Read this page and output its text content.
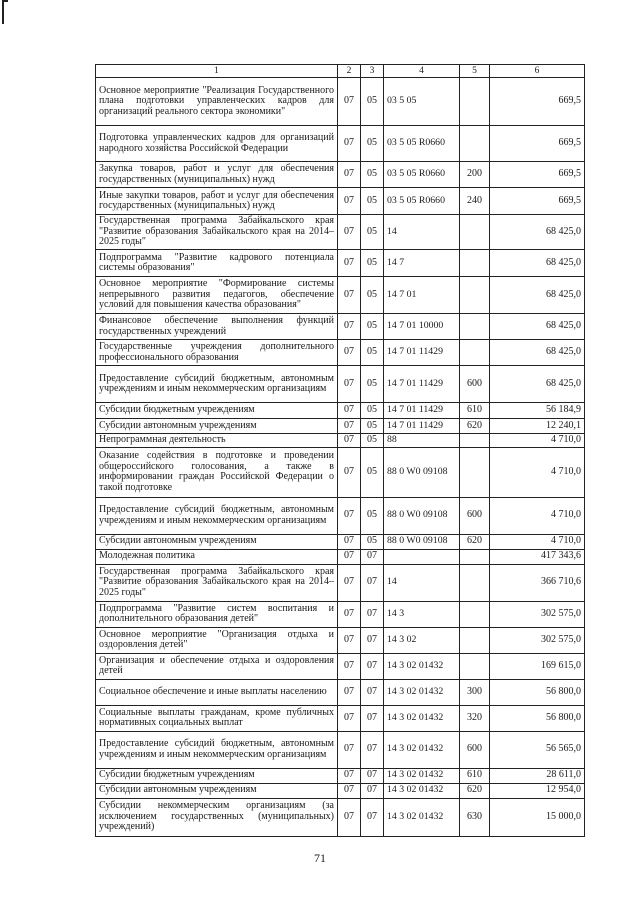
1	2	3	4	5	6
Основное мероприятие "Реализация Государственного плана подготовки управленческих кадров для организаций реального сектора экономики"	07	05	03 5 05		669,5
Подготовка управленческих кадров для организаций народного хозяйства Российской Федерации	07	05	03 5 05 R0660		669,5
Закупка товаров, работ и услуг для обеспечения государственных (муниципальных) нужд	07	05	03 5 05 R0660	200	669,5
Иные закупки товаров, работ и услуг для обеспечения государственных (муниципальных) нужд	07	05	03 5 05 R0660	240	669,5
Государственная программа Забайкальского края "Развитие образования Забайкальского края на 2014–2025 годы"	07	05	14		68 425,0
Подпрограмма "Развитие кадрового потенциала системы образования"	07	05	14 7		68 425,0
Основное мероприятие "Формирование системы непрерывного развития педагогов, обеспечение условий для повышения качества образования"	07	05	14 7 01		68 425,0
Финансовое обеспечение выполнения функций государственных учреждений	07	05	14 7 01 10000		68 425,0
Государственные учреждения дополнительного профессионального образования	07	05	14 7 01 11429		68 425,0
Предоставление субсидий бюджетным, автономным учреждениям и иным некоммерческим организациям	07	05	14 7 01 11429	600	68 425,0
Субсидии бюджетным учреждениям	07	05	14 7 01 11429	610	56 184,9
Субсидии автономным учреждениям	07	05	14 7 01 11429	620	12 240,1
Непрограммная деятельность	07	05	88		4 710,0
Оказание содействия в подготовке и проведении общероссийского голосования, а также в информировании граждан Российской Федерации о такой подготовке	07	05	88 0 W0 09108		4 710,0
Предоставление субсидий бюджетным, автономным учреждениям и иным некоммерческим организациям	07	05	88 0 W0 09108	600	4 710,0
Субсидии автономным учреждениям	07	05	88 0 W0 09108	620	4 710,0
Молодежная политика	07	07			417 343,6
Государственная программа Забайкальского края "Развитие образования Забайкальского края на 2014–2025 годы"	07	07	14		366 710,6
Подпрограмма "Развитие систем воспитания и дополнительного образования детей"	07	07	14 3		302 575,0
Основное мероприятие "Организация отдыха и оздоровления детей"	07	07	14 3 02		302 575,0
Организация и обеспечение отдыха и оздоровления детей	07	07	14 3 02 01432		169 615,0
Социальное обеспечение и иные выплаты населению	07	07	14 3 02 01432	300	56 800,0
Социальные выплаты гражданам, кроме публичных нормативных социальных выплат	07	07	14 3 02 01432	320	56 800,0
Предоставление субсидий бюджетным, автономным учреждениям и иным некоммерческим организациям	07	07	14 3 02 01432	600	56 565,0
Субсидии бюджетным учреждениям	07	07	14 3 02 01432	610	28 611,0
Субсидии автономным учреждениям	07	07	14 3 02 01432	620	12 954,0
Субсидии некоммерческим организациям (за исключением государственных (муниципальных) учреждений)	07	07	14 3 02 01432	630	15 000,0
71
